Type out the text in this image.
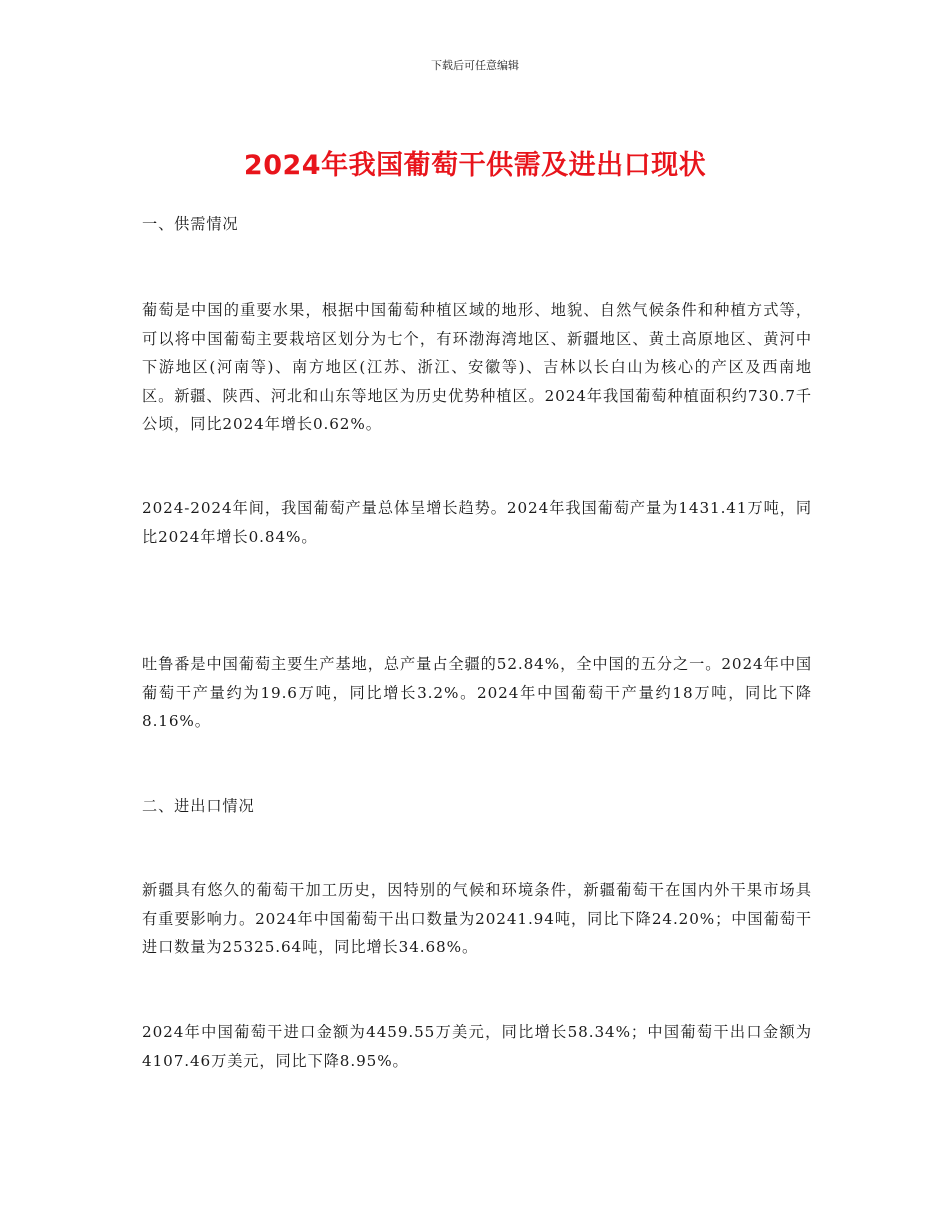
下载后可任意编辑
2024年我国葡萄干供需及进出口现状
一、供需情况

葡萄是中国的重要水果，根据中国葡萄种植区域的地形、地貌、自然气候条件和种植方式等，可以将中国葡萄主要栽培区划分为七个，有环渤海湾地区、新疆地区、黄土高原地区、黄河中下游地区(河南等)、南方地区(江苏、浙江、安徽等)、吉林以长白山为核心的产区及西南地区。新疆、陕西、河北和山东等地区为历史优势种植区。2024年我国葡萄种植面积约730.7千公顷，同比2024年增长0.62%。

2024-2024年间，我国葡萄产量总体呈增长趋势。2024年我国葡萄产量为1431.41万吨，同比2024年增长0.84%。

吐鲁番是中国葡萄主要生产基地，总产量占全疆的52.84%，全中国的五分之一。2024年中国葡萄干产量约为19.6万吨，同比增长3.2%。2024年中国葡萄干产量约18万吨，同比下降8.16%。

二、进出口情况

新疆具有悠久的葡萄干加工历史，因特别的气候和环境条件，新疆葡萄干在国内外干果市场具有重要影响力。2024年中国葡萄干出口数量为20241.94吨，同比下降24.20%；中国葡萄干进口数量为25325.64吨，同比增长34.68%。

2024年中国葡萄干进口金额为4459.55万美元，同比增长58.34%；中国葡萄干出口金额为4107.46万美元，同比下降8.95%。
